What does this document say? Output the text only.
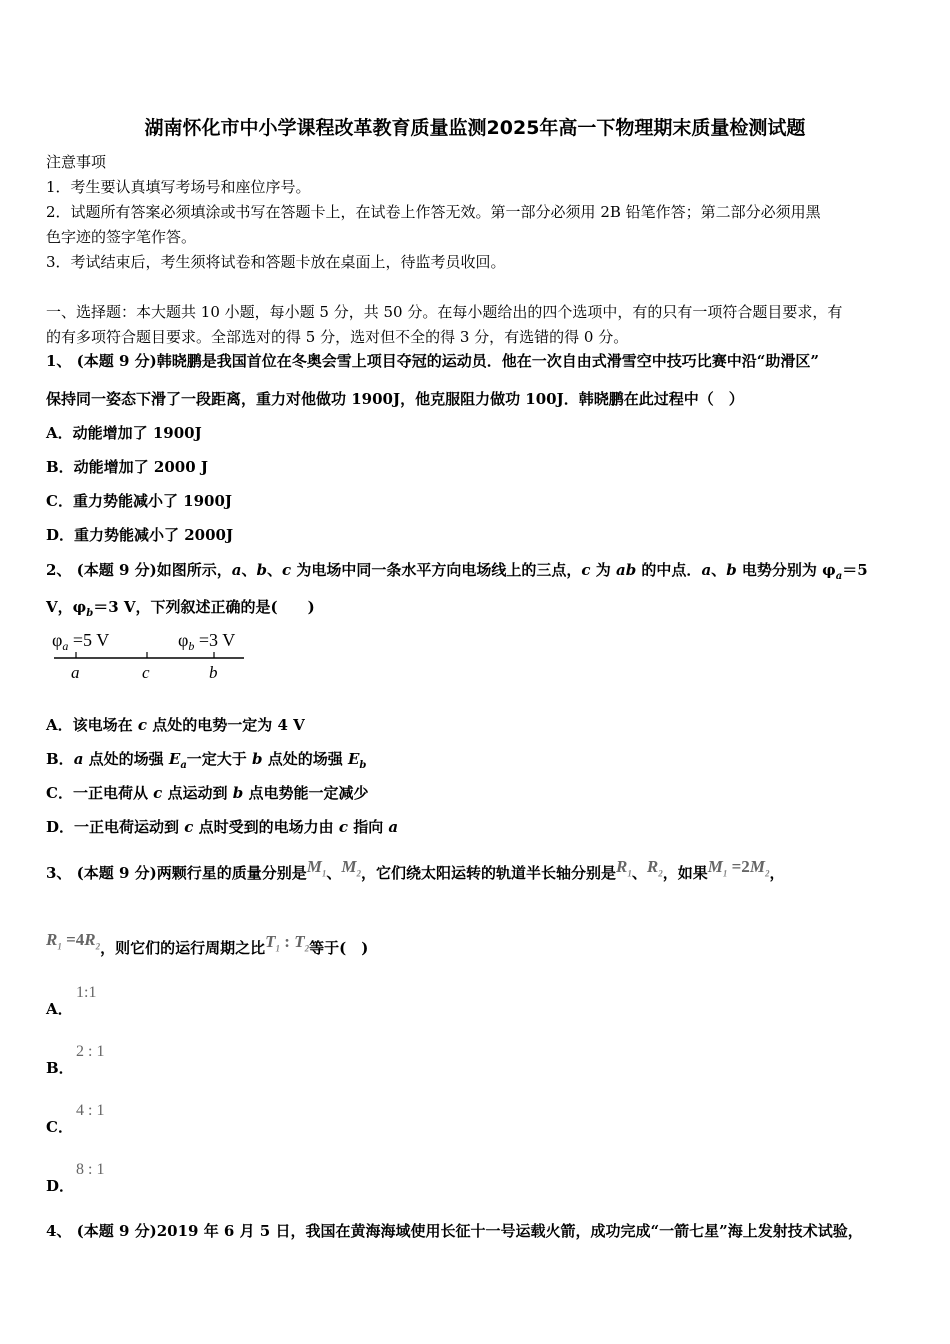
湖南怀化市中小学课程改革教育质量监测2025年高一下物理期末质量检测试题
注意事项
1．考生要认真填写考场号和座位序号。
2．试题所有答案必须填涂或书写在答题卡上，在试卷上作答无效。第一部分必须用 2B 铅笔作答；第二部分必须用黑
色字迹的签字笔作答。
3．考试结束后，考生须将试卷和答题卡放在桌面上，待监考员收回。
一、选择题：本大题共 10 小题，每小题 5 分，共 50 分。在每小题给出的四个选项中，有的只有一项符合题目要求，有
的有多项符合题目要求。全部选对的得 5 分，选对但不全的得 3 分，有选错的得 0 分。
1、 (本题 9 分)韩晓鹏是我国首位在冬奥会雪上项目夺冠的运动员．他在一次自由式滑雪空中技巧比赛中沿“助滑区”
保持同一姿态下滑了一段距离，重力对他做功 1900J，他克服阻力做功 100J．韩晓鹏在此过程中（　）
A．动能增加了 1900J
B．动能增加了 2000 J
C．重力势能减小了 1900J
D．重力势能减小了 2000J
2、 (本题 9 分)如图所示，a、b、c 为电场中同一条水平方向电场线上的三点，c 为 ab 的中点．a、b 电势分别为 $\varphi_a=5$
V，$\varphi_b=3$ V，下列叙述正确的是(　　)
$\varphi_a =5$ V	$\varphi_b =3$ V
a	c	b
A．该电场在 c 点处的电势一定为 4 V
B．a 点处的场强 $E_a$一定大于 b 点处的场强 $E_b$
C．一正电荷从 c 点运动到 b 点电势能一定减少
D．一正电荷运动到 c 点时受到的电场力由 c 指向 a
3、 (本题 9 分)两颗行星的质量分别是$M_1$、$M_2$，它们绕太阳运转的轨道半长轴分别是$R_1$、$R_2$，如果$M_1 =2M_2$，
$R_1 =4R_2$，则它们的运行周期之比$T_1$ : $T_2$等于(　)
A．
1:1
B．
2 : 1
C．
4 : 1
D．
8 : 1
4、 (本题 9 分)2019 年 6 月 5 日，我国在黄海海域使用长征十一号运载火箭，成功完成“一箭七星”海上发射技术试验，
